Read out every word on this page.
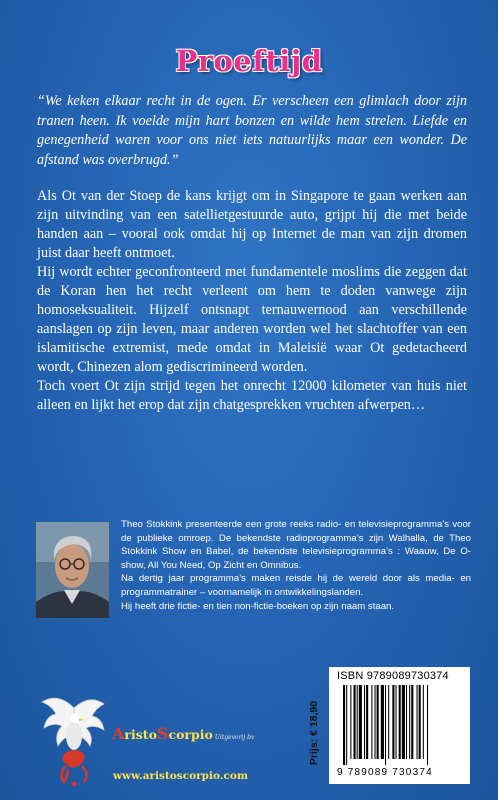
Proeftijd
“We keken elkaar recht in de ogen. Er verscheen een glimlach door zijn tranen heen. Ik voelde mijn hart bonzen en wilde hem strelen. Liefde en genegenheid waren voor ons niet iets natuurlijks maar een wonder. De afstand was overbrugd.”

Als Ot van der Stoep de kans krijgt om in Singapore te gaan werken aan zijn uitvinding van een satellietgestuurde auto, grijpt hij die met beide handen aan – vooral ook omdat hij op Internet de man van zijn dromen juist daar heeft ontmoet.

Hij wordt echter geconfronteerd met fundamentele moslims die zeggen dat de Koran hen het recht verleent om hem te doden vanwege zijn homoseksualiteit. Hijzelf ontsnapt ternauwernood aan verschillende aanslagen op zijn leven, maar anderen worden wel het slachtoffer van een islamitische extremist, mede omdat in Maleisië waar Ot gedetacheerd wordt, Chinezen alom gediscrimineerd worden.

Toch voert Ot zijn strijd tegen het onrecht 12000 kilometer van huis niet alleen en lijkt het erop dat zijn chatgesprekken vruchten afwerpen…

Theo Stokkink presenteerde een grote reeks radio- en televisieprogramma’s voor de publieke omroep. De bekendste radioprogramma’s zijn Walhalla, de Theo Stokkink Show en Babel, de bekendste televisieprogramma’s : Waauw, De O-show, All You Need, Op Zicht en Omnibus.

Na dertig jaar programma’s maken reisde hij de wereld door als media- en programmatrainer – voornamelijk in ontwikkelingslanden.

Hij heeft drie fictie- en tien non-fictie-boeken op zijn naam staan.

AristoScorpio Uitgeverij bv
www.aristoscorpio.com
Prijs: € 18,90
ISBN 9789089730374
9 789089 730374
